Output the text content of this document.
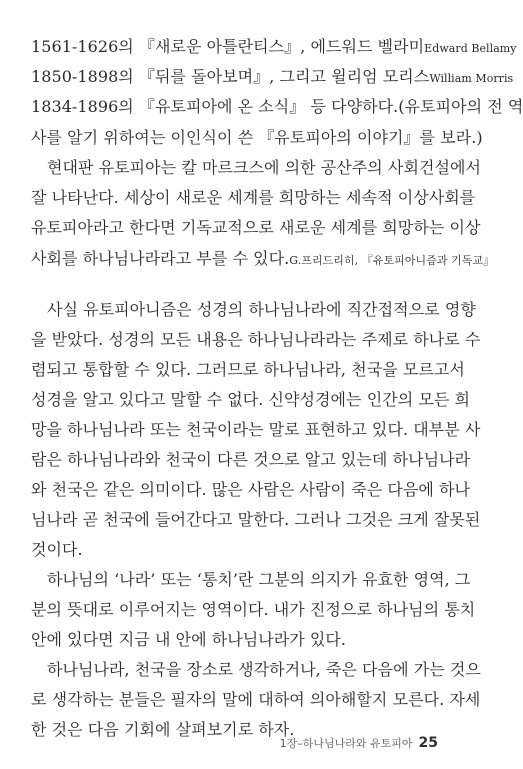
1561-1626의 『새로운 아틀란티스』, 에드워드 벨라미Edward Bellamy
1850-1898의 『뒤를 돌아보며』, 그리고 윌리엄 모리스William Morris
1834-1896의 『유토피아에 온 소식』 등 다양하다.(유토피아의 전 역
사를 알기 위하여는 이인식이 쓴 『유토피아의 이야기』를 보라.)
현대판 유토피아는 칼 마르크스에 의한 공산주의 사회건설에서
잘 나타난다. 세상이 새로운 세계를 희망하는 세속적 이상사회를
유토피아라고 한다면 기독교적으로 새로운 세계를 희망하는 이상
사회를 하나님나라라고 부를 수 있다.G.프리드리히, 『유토피아니즘과 기독교』
사실 유토피아니즘은 성경의 하나님나라에 직간접적으로 영향
을 받았다. 성경의 모든 내용은 하나님나라라는 주제로 하나로 수
렴되고 통합할 수 있다. 그러므로 하나님나라, 천국을 모르고서
성경을 알고 있다고 말할 수 없다. 신약성경에는 인간의 모든 희
망을 하나님나라 또는 천국이라는 말로 표현하고 있다. 대부분 사
람은 하나님나라와 천국이 다른 것으로 알고 있는데 하나님나라
와 천국은 같은 의미이다. 많은 사람은 사람이 죽은 다음에 하나
님나라 곧 천국에 들어간다고 말한다. 그러나 그것은 크게 잘못된
것이다.
하나님의 ‘나라’ 또는 ‘통치’란 그분의 의지가 유효한 영역, 그
분의 뜻대로 이루어지는 영역이다. 내가 진정으로 하나님의 통치
안에 있다면 지금 내 안에 하나님나라가 있다.
하나님나라, 천국을 장소로 생각하거나, 죽은 다음에 가는 것으
로 생각하는 분들은 필자의 말에 대하여 의아해할지 모른다. 자세
한 것은 다음 기회에 살펴보기로 하자.
1장–하나님나라와 유토피아 25
